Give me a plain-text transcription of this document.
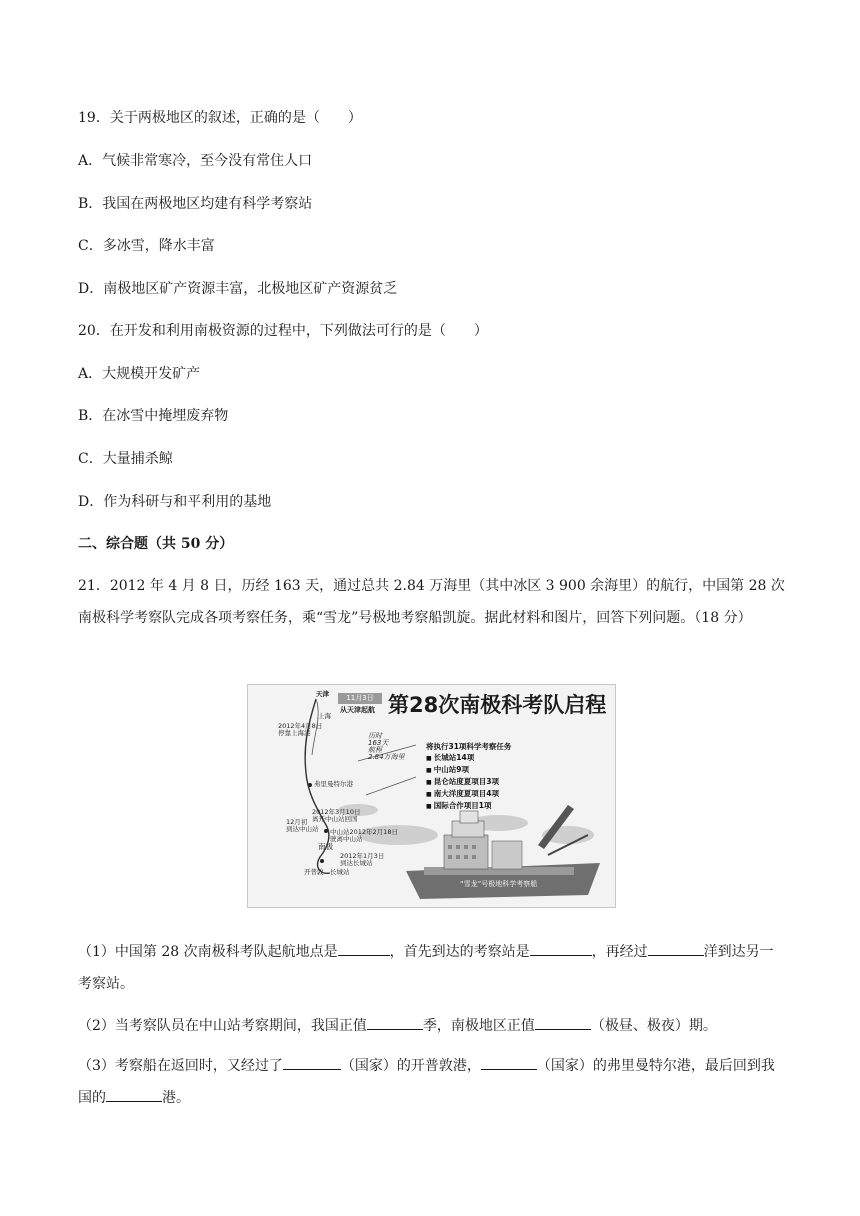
19．关于两极地区的叙述，正确的是（　　）
A．气候非常寒冷，至今没有常住人口
B．我国在两极地区均建有科学考察站
C．多冰雪，降水丰富
D．南极地区矿产资源丰富，北极地区矿产资源贫乏
20．在开发和利用南极资源的过程中，下列做法可行的是（　　）
A．大规模开发矿产
B．在冰雪中掩埋废弃物
C．大量捕杀鲸
D．作为科研与和平利用的基地
二、综合题（共 50 分）
21．2012 年 4 月 8 日，历经 163 天，通过总共 2.84 万海里（其中冰区 3 900 余海里）的航行，中国第 28 次南极科学考察队完成各项考察任务，乘“雪龙”号极地考察船凯旋。据此材料和图片，回答下列问题。（18 分）
11月3日 第28次南极科考队启程
天津
上海
从天津起航
2012年4月8日
停靠上海港	历时
163天
航程
2.84万海里
弗里曼特尔港
2012年3月10日
离开中山站回国
12月初
到达中山站 中山站2012年2月18日
驶离中山站
南极
2012年1月3日
到达长城站
开普敦　长城站
将执行31项科学考察任务
■ 长城站14项
■ 中山站9项
■ 昆仑站度夏项目3项
■ 南大洋度夏项目4项
■ 国际合作项目1项
“雪龙”号极地科学考察船
（1）中国第 28 次南极科考队起航地点是	，首先到达的考察站是	，再经过	洋到达另一考察站。
（2）当考察队员在中山站考察期间，我国正值	季，南极地区正值	（极昼、极夜）期。
（3）考察船在返回时，又经过了	（国家）的开普敦港，	（国家）的弗里曼特尔港，最后回到我国的	港。
